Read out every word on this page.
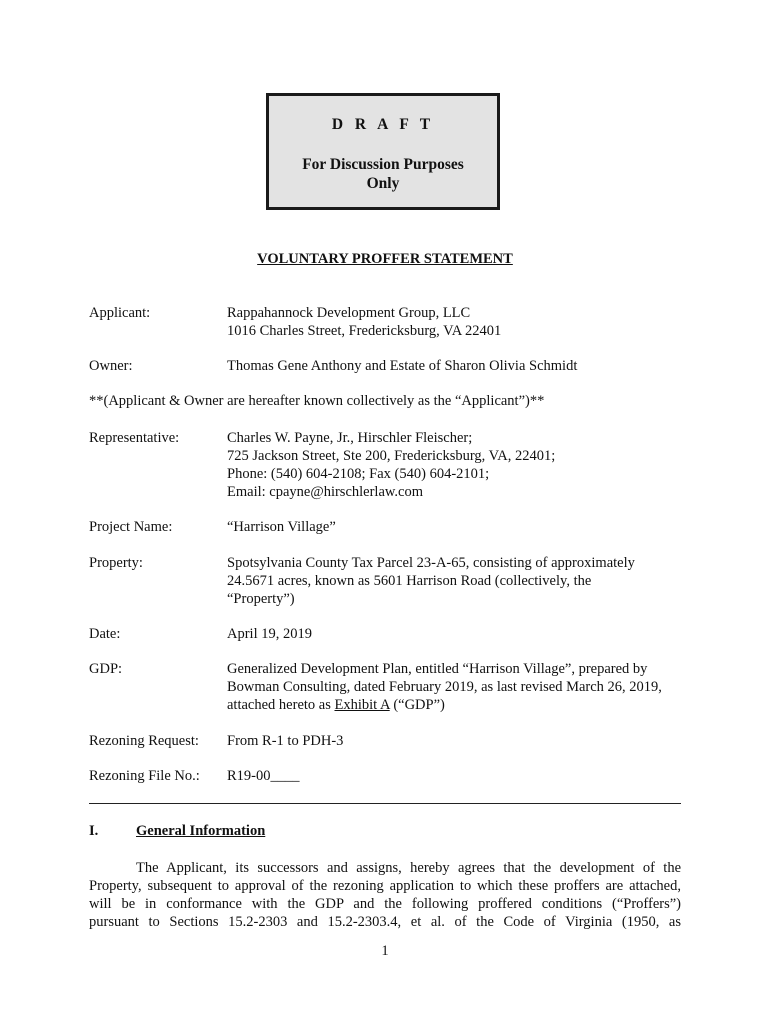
D R A F T
For Discussion Purposes
Only
VOLUNTARY PROFFER STATEMENT
Applicant:	Rappahannock Development Group, LLC
1016 Charles Street, Fredericksburg, VA 22401
Owner:	Thomas Gene Anthony and Estate of Sharon Olivia Schmidt
**(Applicant & Owner are hereafter known collectively as the “Applicant”)**
Representative:	Charles W. Payne, Jr., Hirschler Fleischer;
725 Jackson Street, Ste 200, Fredericksburg, VA, 22401;
Phone: (540) 604-2108; Fax (540) 604-2101;
Email: cpayne@hirschlerlaw.com
Project Name:	“Harrison Village”
Property:	Spotsylvania County Tax Parcel 23-A-65, consisting of approximately
24.5671 acres, known as 5601 Harrison Road (collectively, the
“Property”)
Date:	April 19, 2019
GDP:	Generalized Development Plan, entitled “Harrison Village”, prepared by
Bowman Consulting, dated February 2019, as last revised March 26, 2019,
attached hereto as Exhibit A (“GDP”)
Rezoning Request: From R-1 to PDH-3
Rezoning File No.: R19-00____
I.	General Information
The Applicant, its successors and assigns, hereby agrees that the development of the
Property, subsequent to approval of the rezoning application to which these proffers are attached,
will be in conformance with the GDP and the following proffered conditions (“Proffers”)
pursuant to Sections 15.2-2303 and 15.2-2303.4, et al. of the Code of Virginia (1950, as
1
